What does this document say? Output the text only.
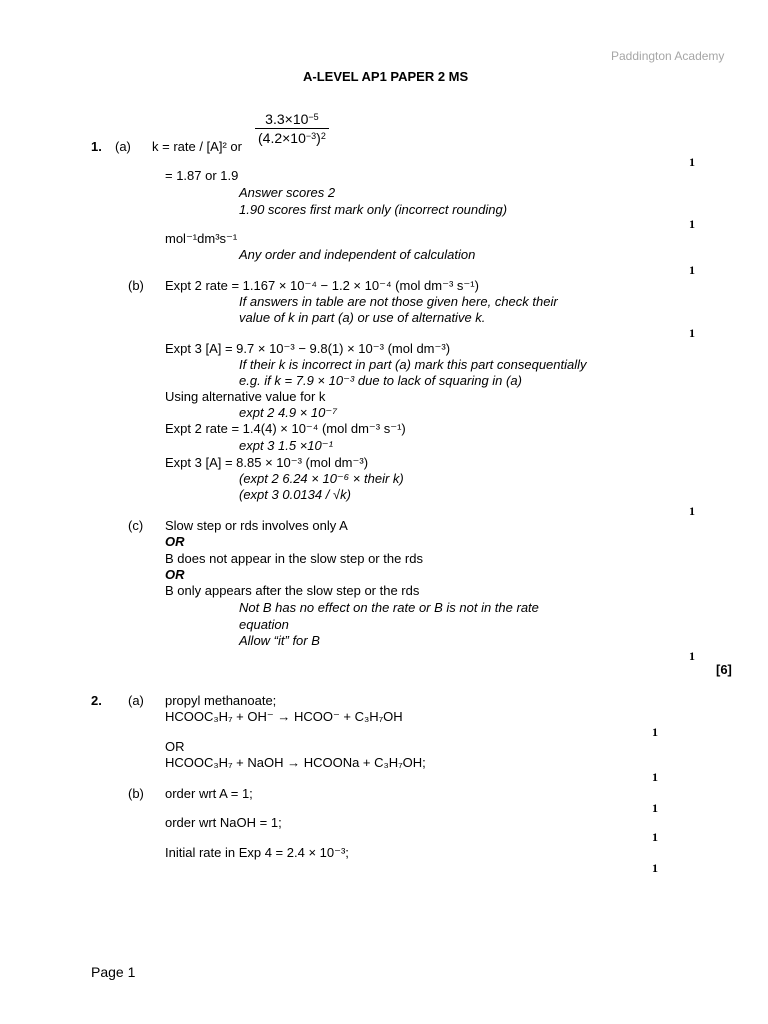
Paddington Academy
A-LEVEL AP1 PAPER 2 MS
$3.3\times 10^{-5}$
$(4.2\times 10^{-3})^2$
1. (a) k = rate / [A]² or
1
= 1.87 or 1.9
Answer scores 2
1.90 scores first mark only (incorrect rounding)
1
mol⁻¹dm³s⁻¹
Any order and independent of calculation
1
(b) Expt 2 rate = 1.167 × 10⁻⁴ − 1.2 × 10⁻⁴ (mol dm⁻³ s⁻¹)
If answers in table are not those given here, check their
value of k in part (a) or use of alternative k.
1
Expt 3 [A] = 9.7 × 10⁻³ − 9.8(1) × 10⁻³ (mol dm⁻³)
If their k is incorrect in part (a) mark this part consequentially
e.g. if k = 7.9 × 10⁻³ due to lack of squaring in (a)
Using alternative value for k
expt 2 4.9 × 10⁻⁷
Expt 2 rate = 1.4(4) × 10⁻⁴ (mol dm⁻³ s⁻¹)
expt 3 1.5 ×10⁻¹
Expt 3 [A] = 8.85 × 10⁻³ (mol dm⁻³)
(expt 2 6.24 × 10⁻⁶ × their k)
(expt 3 0.0134 / √k)
1
(c) Slow step or rds involves only A
OR
B does not appear in the slow step or the rds
OR
B only appears after the slow step or the rds
Not B has no effect on the rate or B is not in the rate
equation
Allow “it” for B
1
[6]
2. (a) propyl methanoate;
HCOOC₃H₇ + OH⁻ → HCOO⁻ + C₃H₇OH
1
OR
HCOOC₃H₇ + NaOH → HCOONa + C₃H₇OH;
1
(b) order wrt A = 1;
1
order wrt NaOH = 1;
1
Initial rate in Exp 4 = 2.4 × 10⁻³;
1
Page 1
